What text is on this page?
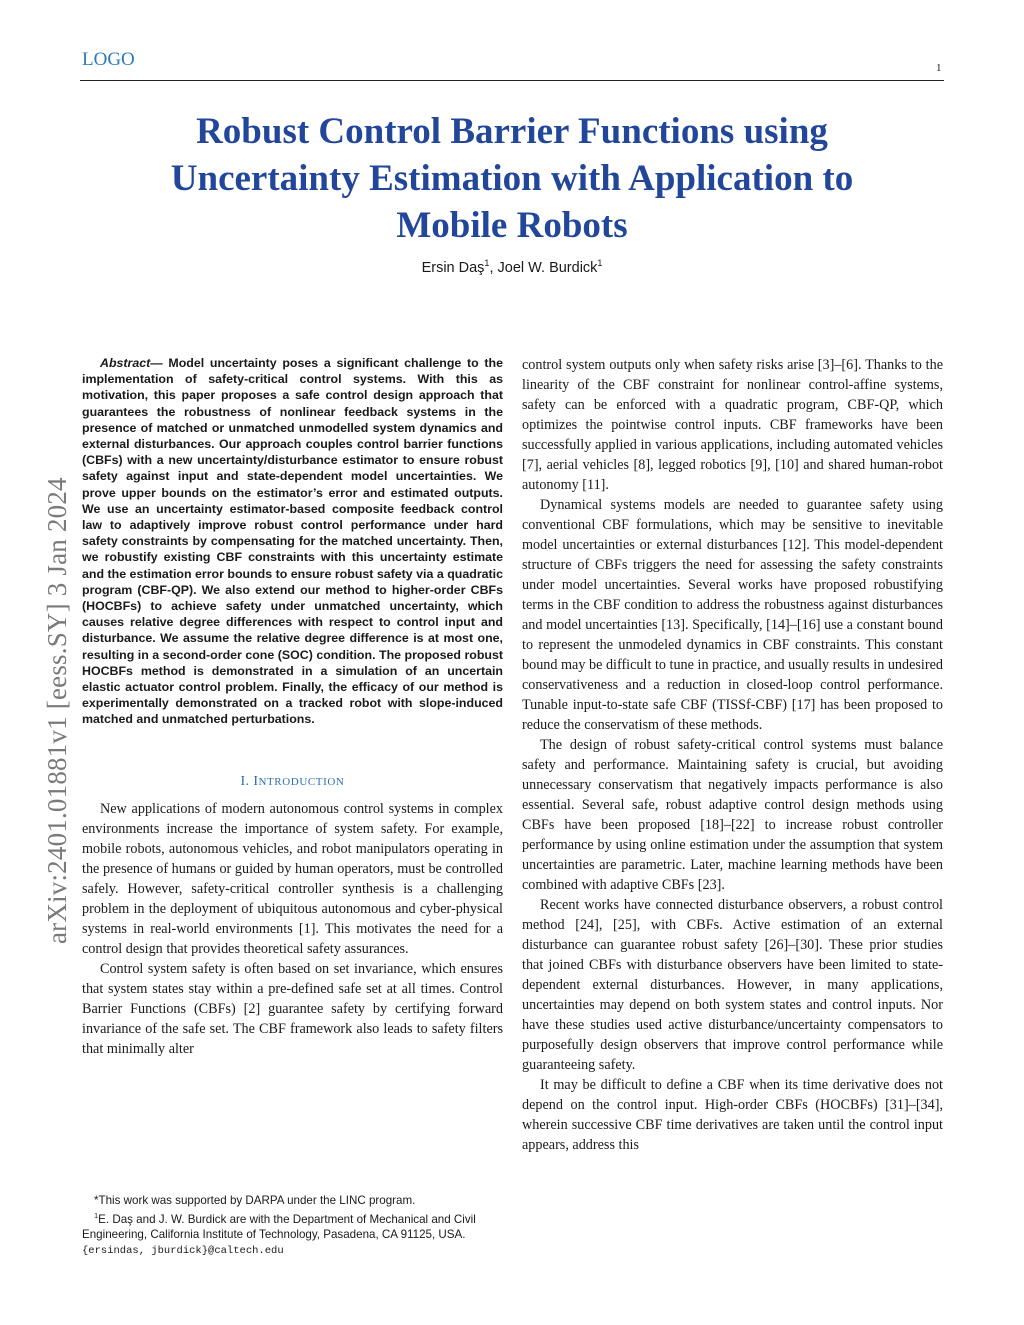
LOGO	1
Robust Control Barrier Functions using
Uncertainty Estimation with Application to
Mobile Robots
Ersin Daş$^1$, Joel W. Burdick$^1$
arXiv:2401.01881v1 [eess.SY] 3 Jan 2024

Abstract— Model uncertainty poses a significant challenge to the implementation of safety-critical control systems. With this as motivation, this paper proposes a safe control design approach that guarantees the robustness of nonlinear feedback systems in the presence of matched or unmatched unmodelled system dynamics and external disturbances. Our approach couples control barrier functions (CBFs) with a new uncertainty/disturbance estimator to ensure robust safety against input and state-dependent model uncertainties. We prove upper bounds on the estimator’s error and estimated outputs. We use an uncertainty estimator-based composite feedback control law to adaptively improve robust control performance under hard safety constraints by compensating for the matched uncertainty. Then, we robustify existing CBF constraints with this uncertainty estimate and the estimation error bounds to ensure robust safety via a quadratic program (CBF-QP). We also extend our method to higher-order CBFs (HOCBFs) to achieve safety under unmatched uncertainty, which causes relative degree differences with respect to control input and disturbance. We assume the relative degree difference is at most one, resulting in a second-order cone (SOC) condition. The proposed robust HOCBFs method is demonstrated in a simulation of an uncertain elastic actuator control problem. Finally, the efficacy of our method is experimentally demonstrated on a tracked robot with slope-induced matched and unmatched perturbations.

I. INTRODUCTION

New applications of modern autonomous control systems in complex environments increase the importance of system safety. For example, mobile robots, autonomous vehicles, and robot manipulators operating in the presence of humans or guided by human operators, must be controlled safely. However, safety-critical controller synthesis is a challenging problem in the deployment of ubiquitous autonomous and cyber-physical systems in real-world environments [1]. This motivates the need for a control design that provides theoretical safety assurances.

Control system safety is often based on set invariance, which ensures that system states stay within a pre-defined safe set at all times. Control Barrier Functions (CBFs) [2] guarantee safety by certifying forward invariance of the safe set. The CBF framework also leads to safety filters that minimally alter

*This work was supported by DARPA under the LINC program.

$^1$E. Daş and J. W. Burdick are with the Department of Mechanical and Civil Engineering, California Institute of Technology, Pasadena, CA 91125, USA. {ersindas, jburdick}@caltech.edu

control system outputs only when safety risks arise [3]–[6]. Thanks to the linearity of the CBF constraint for nonlinear control-affine systems, safety can be enforced with a quadratic program, CBF-QP, which optimizes the pointwise control inputs. CBF frameworks have been successfully applied in various applications, including automated vehicles [7], aerial vehicles [8], legged robotics [9], [10] and shared human-robot autonomy [11].

Dynamical systems models are needed to guarantee safety using conventional CBF formulations, which may be sensitive to inevitable model uncertainties or external disturbances [12]. This model-dependent structure of CBFs triggers the need for assessing the safety constraints under model uncertainties. Several works have proposed robustifying terms in the CBF condition to address the robustness against disturbances and model uncertainties [13]. Specifically, [14]–[16] use a constant bound to represent the unmodeled dynamics in CBF constraints. This constant bound may be difficult to tune in practice, and usually results in undesired conservativeness and a reduction in closed-loop control performance. Tunable input-to-state safe CBF (TISSf-CBF) [17] has been proposed to reduce the conservatism of these methods.

The design of robust safety-critical control systems must balance safety and performance. Maintaining safety is crucial, but avoiding unnecessary conservatism that negatively impacts performance is also essential. Several safe, robust adaptive control design methods using CBFs have been proposed [18]–[22] to increase robust controller performance by using online estimation under the assumption that system uncertainties are parametric. Later, machine learning methods have been combined with adaptive CBFs [23].

Recent works have connected disturbance observers, a robust control method [24], [25], with CBFs. Active estimation of an external disturbance can guarantee robust safety [26]–[30]. These prior studies that joined CBFs with disturbance observers have been limited to state-dependent external disturbances. However, in many applications, uncertainties may depend on both system states and control inputs. Nor have these studies used active disturbance/uncertainty compensators to purposefully design observers that improve control performance while guaranteeing safety.

It may be difficult to define a CBF when its time derivative does not depend on the control input. High-order CBFs (HOCBFs) [31]–[34], wherein successive CBF time derivatives are taken until the control input appears, address this
